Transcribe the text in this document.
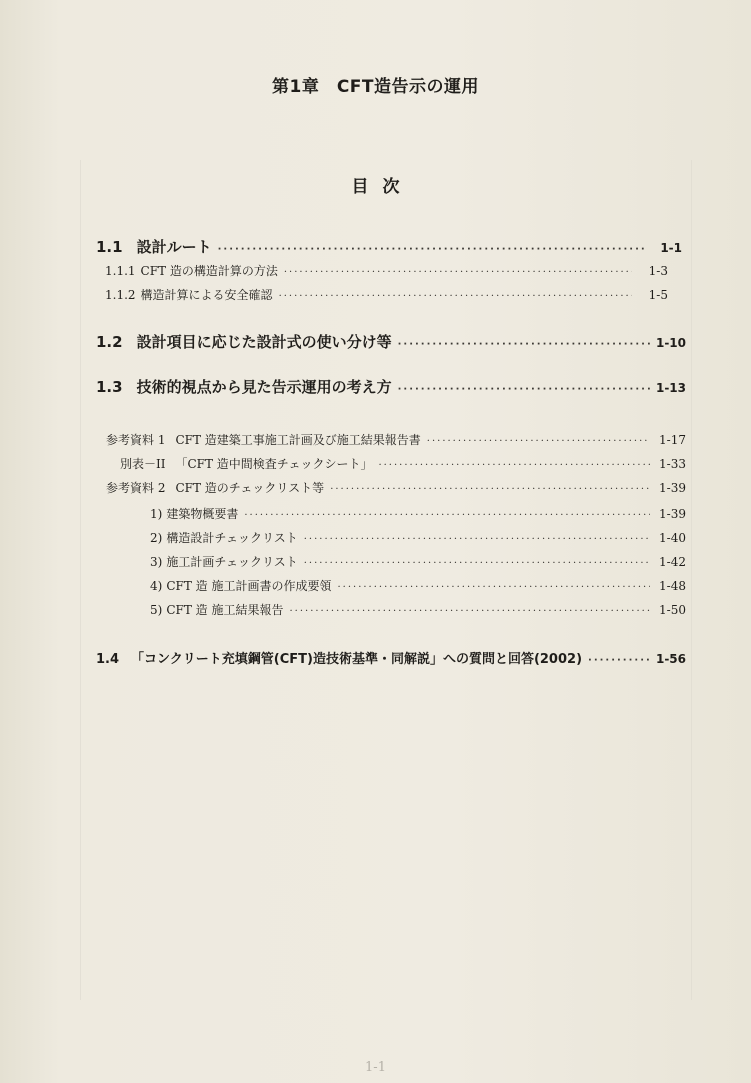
第1章　CFT造告示の運用
目次
1.1 設計ルート ·····	1-1
1.1.1 CFT 造の構造計算の方法 ·····	1-3
1.1.2 構造計算による安全確認 ·····	1-5
1.2 設計項目に応じた設計式の使い分け等 ·····	1-10
1.3 技術的視点から見た告示運用の考え方 ·····	1-13
参考資料 1 CFT 造建築工事施工計画及び施工結果報告書 ·····	1-17
別表－II 「CFT 造中間検査チェックシート」 ·····	1-33
参考資料 2 CFT 造のチェックリスト等 ·····	1-39
1) 建築物概要書 ·····	1-39
2) 構造設計チェックリスト ·····	1-40
3) 施工計画チェックリスト ·····	1-42
4) CFT 造 施工計画書の作成要領 ·····	1-48
5) CFT 造 施工結果報告 ·····	1-50
1.4 「コンクリート充填鋼管(CFT)造技術基準・同解説」への質問と回答(2002) ·····	1-56
1-1
